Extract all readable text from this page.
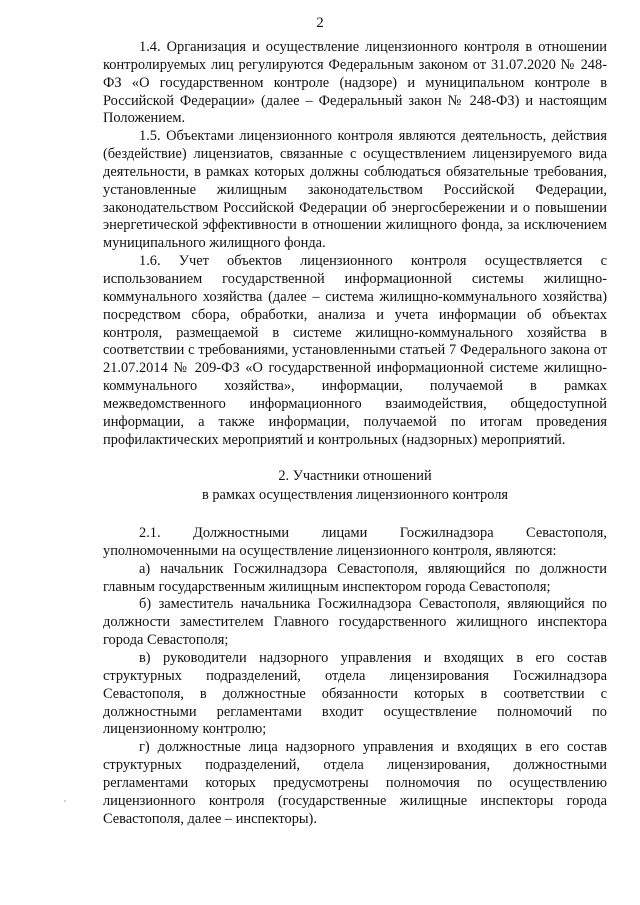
2

1.4. Организация и осуществление лицензионного контроля в отношении контролируемых лиц регулируются Федеральным законом от 31.07.2020 № 248-ФЗ «О государственном контроле (надзоре) и муниципальном контроле в Российской Федерации» (далее – Федеральный закон № 248-ФЗ) и настоящим Положением.

1.5. Объектами лицензионного контроля являются деятельность, действия (бездействие) лицензиатов, связанные с осуществлением лицензируемого вида деятельности, в рамках которых должны соблюдаться обязательные требования, установленные жилищным законодательством Российской Федерации, законодательством Российской Федерации об энергосбережении и о повышении энергетической эффективности в отношении жилищного фонда, за исключением муниципального жилищного фонда.

1.6. Учет объектов лицензионного контроля осуществляется с использованием государственной информационной системы жилищно-коммунального хозяйства (далее – система жилищно-коммунального хозяйства) посредством сбора, обработки, анализа и учета информации об объектах контроля, размещаемой в системе жилищно-коммунального хозяйства в соответствии с требованиями, установленными статьей 7 Федерального закона от 21.07.2014 № 209-ФЗ «О государственной информационной системе жилищно-коммунального хозяйства», информации, получаемой в рамках межведомственного информационного взаимодействия, общедоступной информации, а также информации, получаемой по итогам проведения профилактических мероприятий и контрольных (надзорных) мероприятий.

2. Участники отношений

в рамках осуществления лицензионного контроля

2.1. Должностными лицами Госжилнадзора Севастополя, уполномоченными на осуществление лицензионного контроля, являются:

а) начальник Госжилнадзора Севастополя, являющийся по должности главным государственным жилищным инспектором города Севастополя;

б) заместитель начальника Госжилнадзора Севастополя, являющийся по должности заместителем Главного государственного жилищного инспектора города Севастополя;

в) руководители надзорного управления и входящих в его состав структурных подразделений, отдела лицензирования Госжилнадзора Севастополя, в должностные обязанности которых в соответствии с должностными регламентами входит осуществление полномочий по лицензионному контролю;

г) должностные лица надзорного управления и входящих в его состав структурных подразделений, отдела лицензирования, должностными регламентами которых предусмотрены полномочия по осуществлению лицензионного контроля (государственные жилищные инспекторы города Севастополя, далее – инспекторы).
